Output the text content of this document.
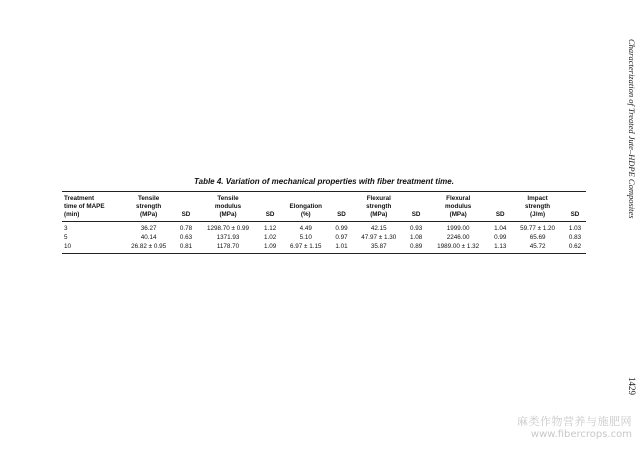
Characterization of Treated Jute–HDPE Composites
Table 4. Variation of mechanical properties with fiber treatment time.
Treatment	Tensile		Tensile				Flexural		Flexural		Impact	
time of MAPE	strength		modulus		Elongation		strength		modulus		strength	
(min)	(MPa)	SD	(MPa)	SD	(%)	SD	(MPa)	SD	(MPa)	SD	(J/m)	SD
3	36.27	0.78	1298.70 ± 0.99	1.12	4.49	0.99	42.15	0.93	1999.00	1.04	59.77 ± 1.20	1.03
5	40.14	0.63	1371.93	1.02	5.10	0.97	47.97 ± 1.30	1.08	2246.00	0.99	65.69	0.83
10	26.82 ± 0.95	0.81	1178.70	1.09	6.97 ± 1.15	1.01	35.87	0.89	1989.00 ± 1.32	1.13	45.72	0.62
1429
麻类作物营养与施肥网
www.fibercrops.com
